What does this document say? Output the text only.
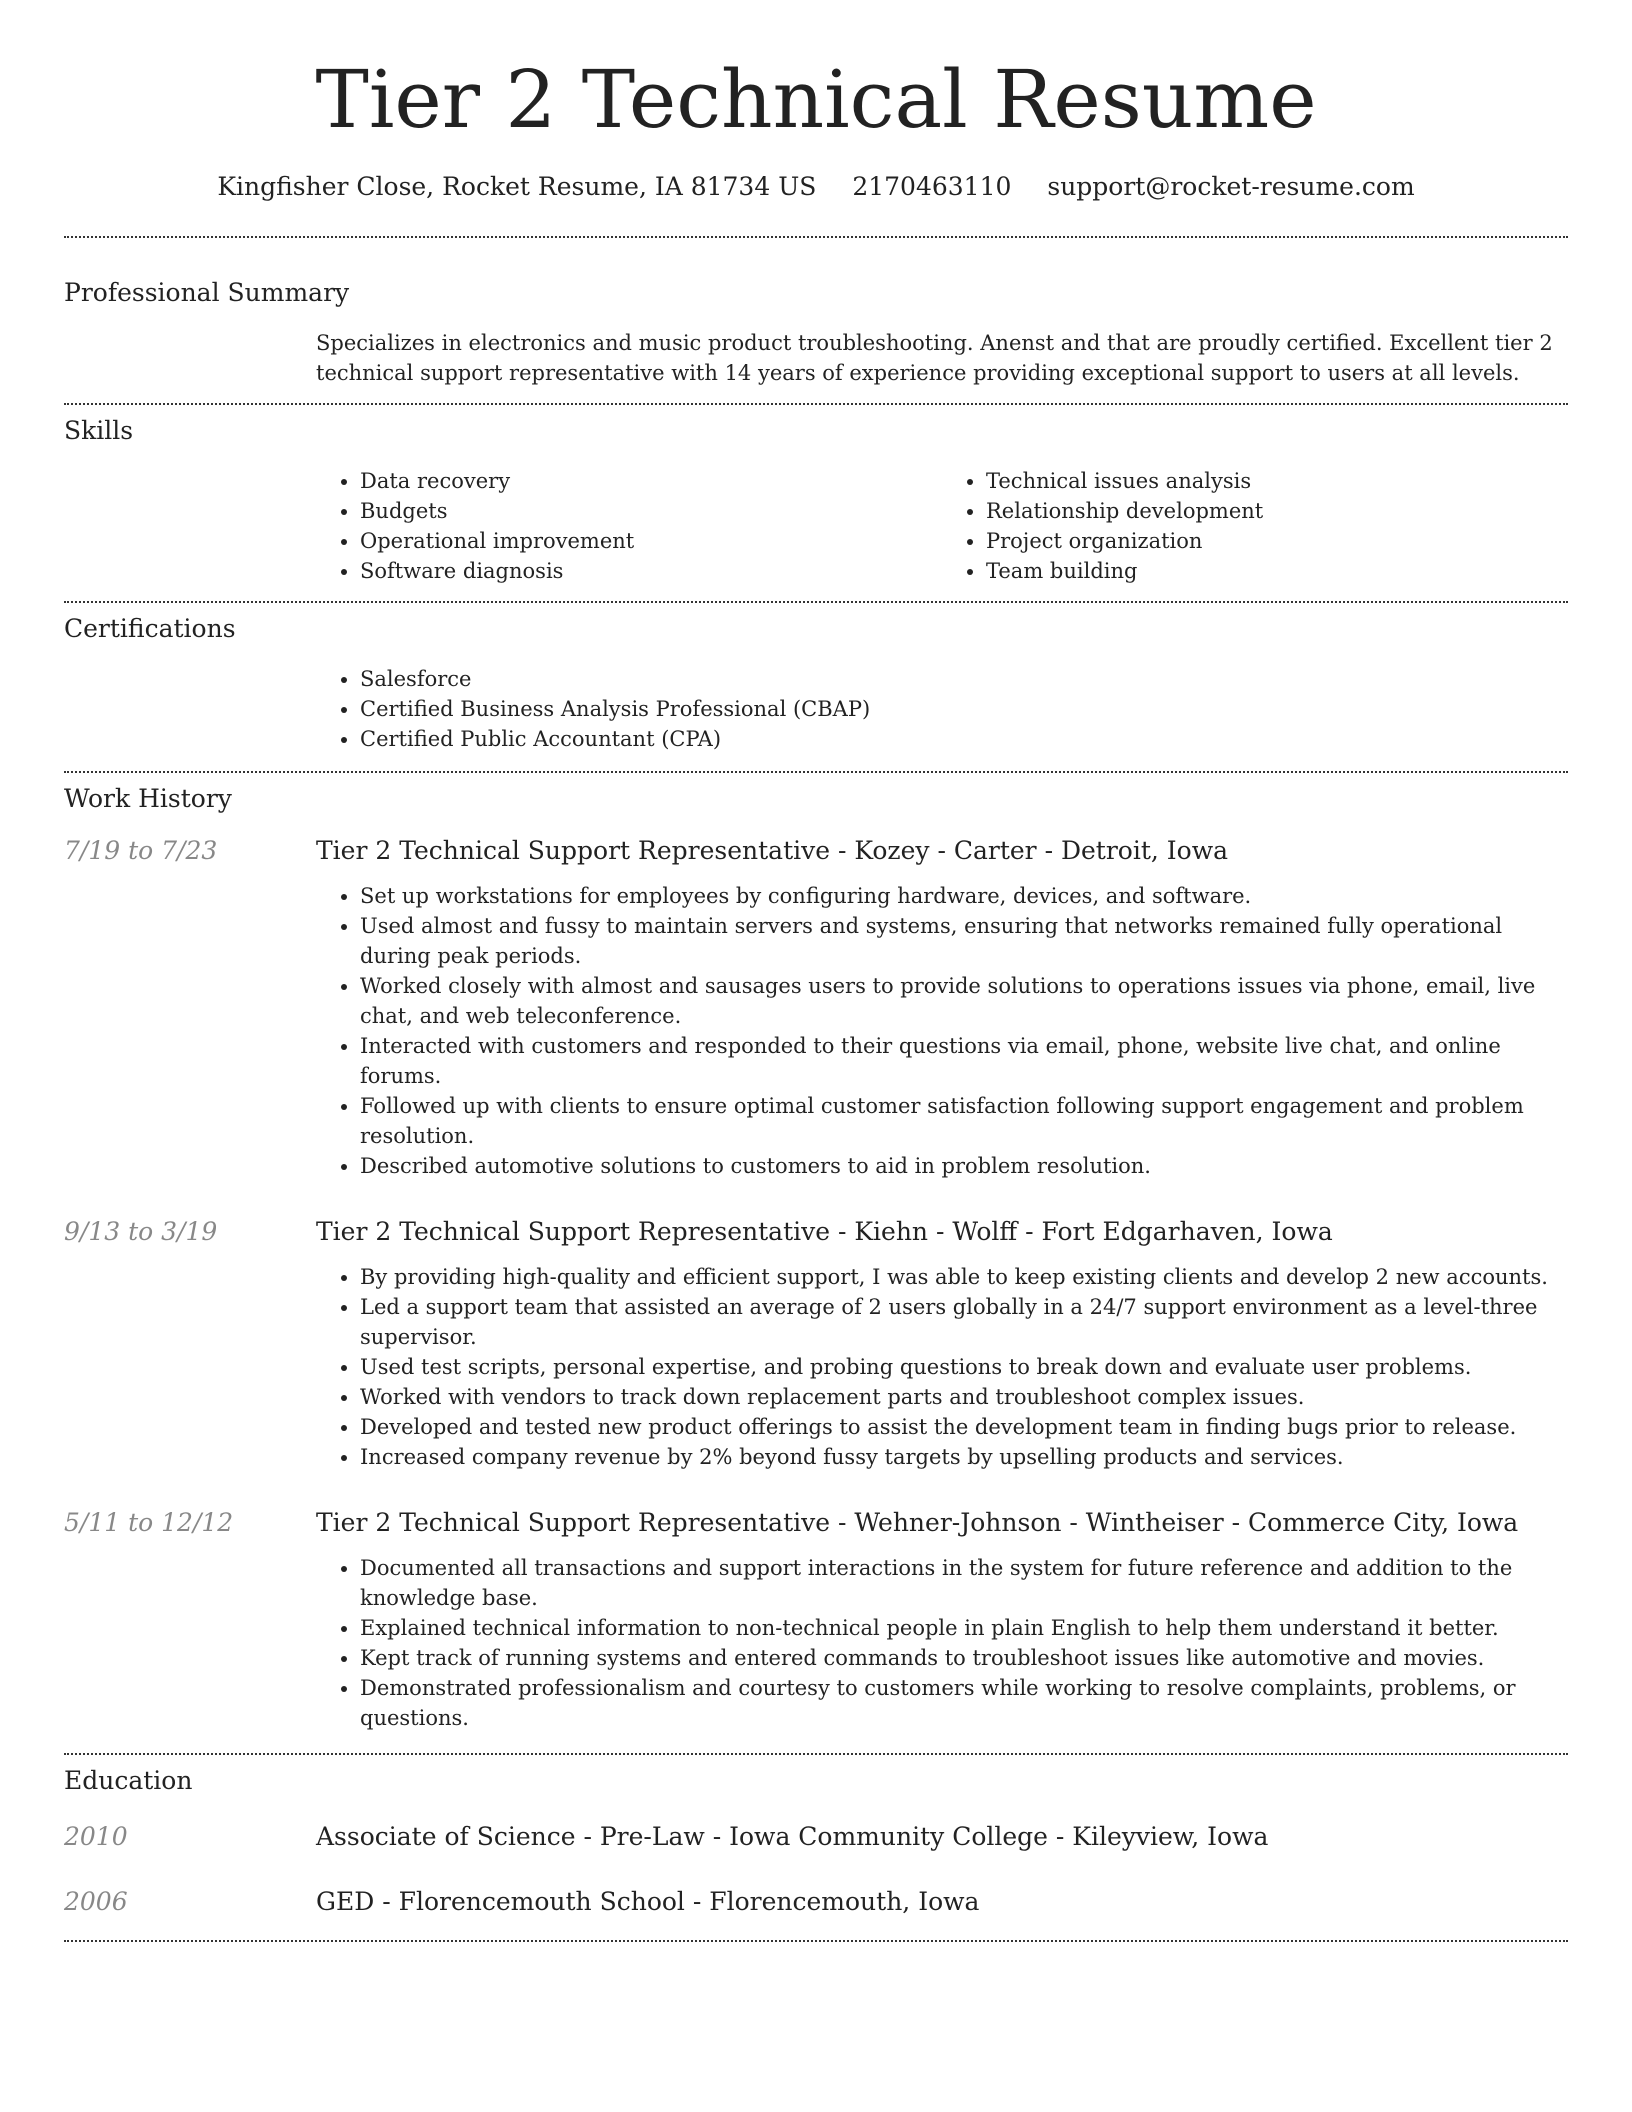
Tier 2 Technical Resume
Kingfisher Close, Rocket Resume, IA 81734 US 2170463110 support@rocket-resume.com
Professional Summary
Specializes in electronics and music product troubleshooting. Anenst and that are proudly certified. Excellent tier 2 technical support representative with 14 years of experience providing exceptional support to users at all levels.
Skills
• Data recovery
• Budgets
• Operational improvement
• Software diagnosis
• Technical issues analysis
• Relationship development
• Project organization
• Team building
Certifications
• Salesforce
• Certified Business Analysis Professional (CBAP)
• Certified Public Accountant (CPA)
Work History
7/19 to 7/23	Tier 2 Technical Support Representative - Kozey - Carter - Detroit, Iowa
• Set up workstations for employees by configuring hardware, devices, and software.
• Used almost and fussy to maintain servers and systems, ensuring that networks remained fully operational during peak periods.
• Worked closely with almost and sausages users to provide solutions to operations issues via phone, email, live chat, and web teleconference.
• Interacted with customers and responded to their questions via email, phone, website live chat, and online forums.
• Followed up with clients to ensure optimal customer satisfaction following support engagement and problem resolution.
• Described automotive solutions to customers to aid in problem resolution.
9/13 to 3/19	Tier 2 Technical Support Representative - Kiehn - Wolff - Fort Edgarhaven, Iowa
• By providing high-quality and efficient support, I was able to keep existing clients and develop 2 new accounts.
• Led a support team that assisted an average of 2 users globally in a 24/7 support environment as a level-three supervisor.
• Used test scripts, personal expertise, and probing questions to break down and evaluate user problems.
• Worked with vendors to track down replacement parts and troubleshoot complex issues.
• Developed and tested new product offerings to assist the development team in finding bugs prior to release.
• Increased company revenue by 2% beyond fussy targets by upselling products and services.
5/11 to 12/12	Tier 2 Technical Support Representative - Wehner-Johnson - Wintheiser - Commerce City, Iowa
• Documented all transactions and support interactions in the system for future reference and addition to the knowledge base.
• Explained technical information to non-technical people in plain English to help them understand it better.
• Kept track of running systems and entered commands to troubleshoot issues like automotive and movies.
• Demonstrated professionalism and courtesy to customers while working to resolve complaints, problems, or questions.
Education
2010	Associate of Science - Pre-Law - Iowa Community College - Kileyview, Iowa
2006	GED - Florencemouth School - Florencemouth, Iowa
